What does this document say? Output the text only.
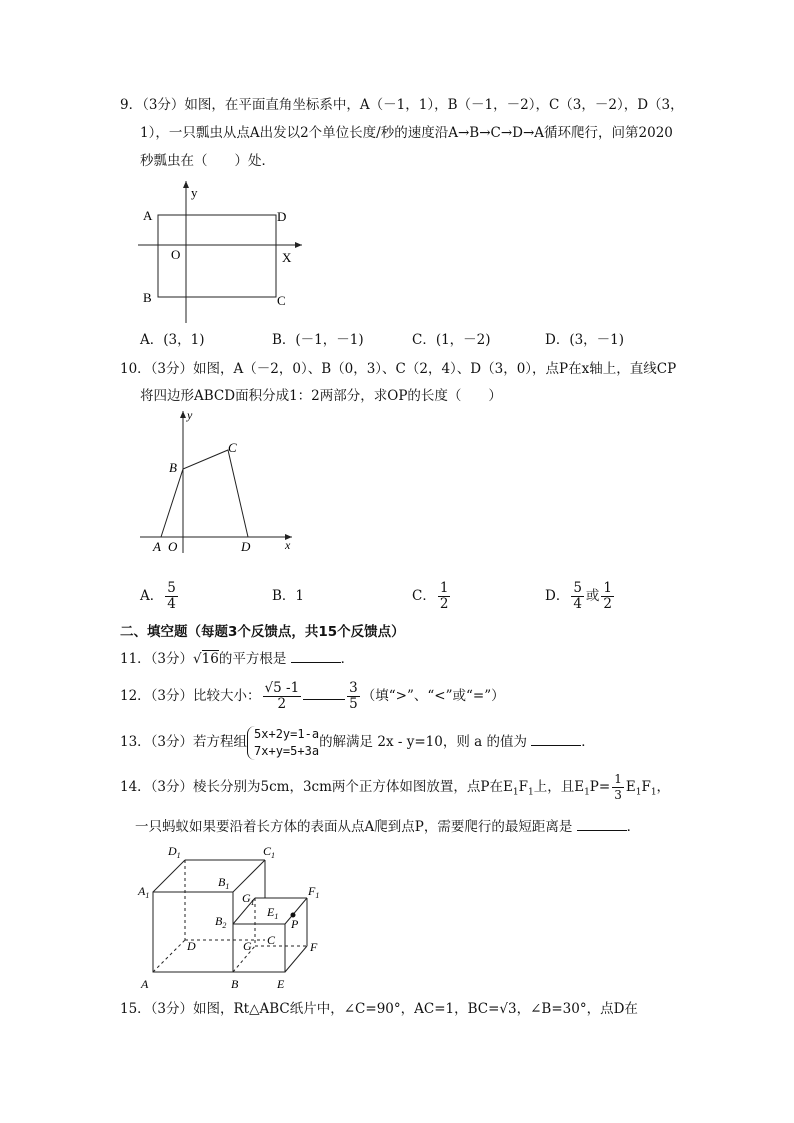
9．（3分）如图，在平面直角坐标系中，A（－1，1），B（－1，－2），C（3，－2），D（3，
1），一只瓢虫从点A出发以2个单位长度/秒的速度沿A→B→C→D→A循环爬行，问第2020
秒瓢虫在（　　）处．
A
B	C
D
O	X
y
A．(3，1)	B．(－1，－1)	C．(1，－2)	D．(3，－1)
10．（3分）如图，A（－2，0）、B（0，3）、C（2，4）、D（3，0），点P在x轴上，直线CP
将四边形ABCD面积分成1：2两部分，求OP的长度（　　）
A O
B
C
D	x
y
A． $\frac{5}{4}$	B．1	C． $\frac{1}{2}$	D． $\frac{5}{4}$ 或 $\frac{1}{2}$
二、填空题（每题3个反馈点，共15个反馈点）
11．（3分）√16的平方根是	．
12．（3分）比较大小： $\frac{√5 -1}{2}$	$\frac{3}{5}$ （填“>”、“<”或“=”）
13．（3分）若方程组
5x+2y=1-a
7x+y=5+3a
的解满足 2x - y=10，则 a 的值为	．
14．（3分）棱长分别为5cm，3cm两个正方体如图放置，点P在$E_1F_1$上，且$E_1P= \frac{1}{3} E_1F_1$，
一只蚂蚁如果要沿着长方体的表面从点A爬到点P，需要爬行的最短距离是	．
A	B	E
F
D	G C
P
$A_1$
$D_1$	$C_1$
$B_1$
$G_1$
$E_1$
$F_1$
$B_2$
15．（3分）如图，Rt△ABC纸片中，∠C=90°，AC=1，BC=√3，∠B=30°，点D在
